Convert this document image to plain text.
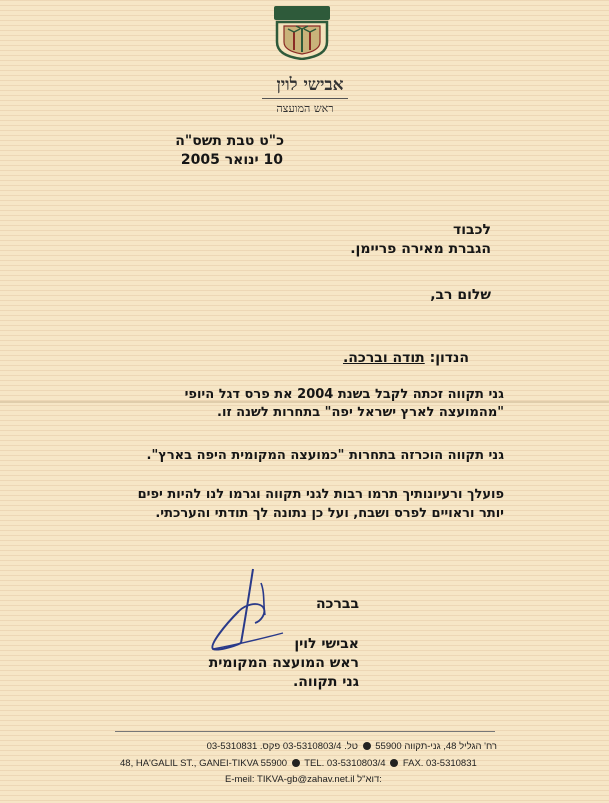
אבישי לוין
ראש המועצה
כ"ט טבת תשס"ה
10 ינואר 2005
לכבוד
הגברת מאירה פריימן.
שלום רב,
הנדון: תודה וברכה.
גני תקווה זכתה לקבל בשנת 2004 את פרס דגל היופי
"מהמועצה לארץ ישראל יפה" בתחרות לשנה זו.
גני תקווה הוכרזה בתחרות "כמועצה המקומית היפה בארץ".
פועלך ורעיונותיך תרמו רבות לגני תקווה וגרמו לנו להיות יפים
יותר וראויים לפרס ושבח, ועל כן נתונה לך תודתי והערכתי.
בברכה
אבישי לוין
ראש המועצה המקומית
גני תקווה.
רח' הגליל 48, גני-תקווה 55900  טל. 03-5310803/4 פקס. 03-5310831
48, HA'GALIL ST., GANEI-TIKVA 55900 TEL. 03-5310803/4 FAX. 03-5310831
E-meil: TIKVA-gb@zahav.net.il דוא"ל:
